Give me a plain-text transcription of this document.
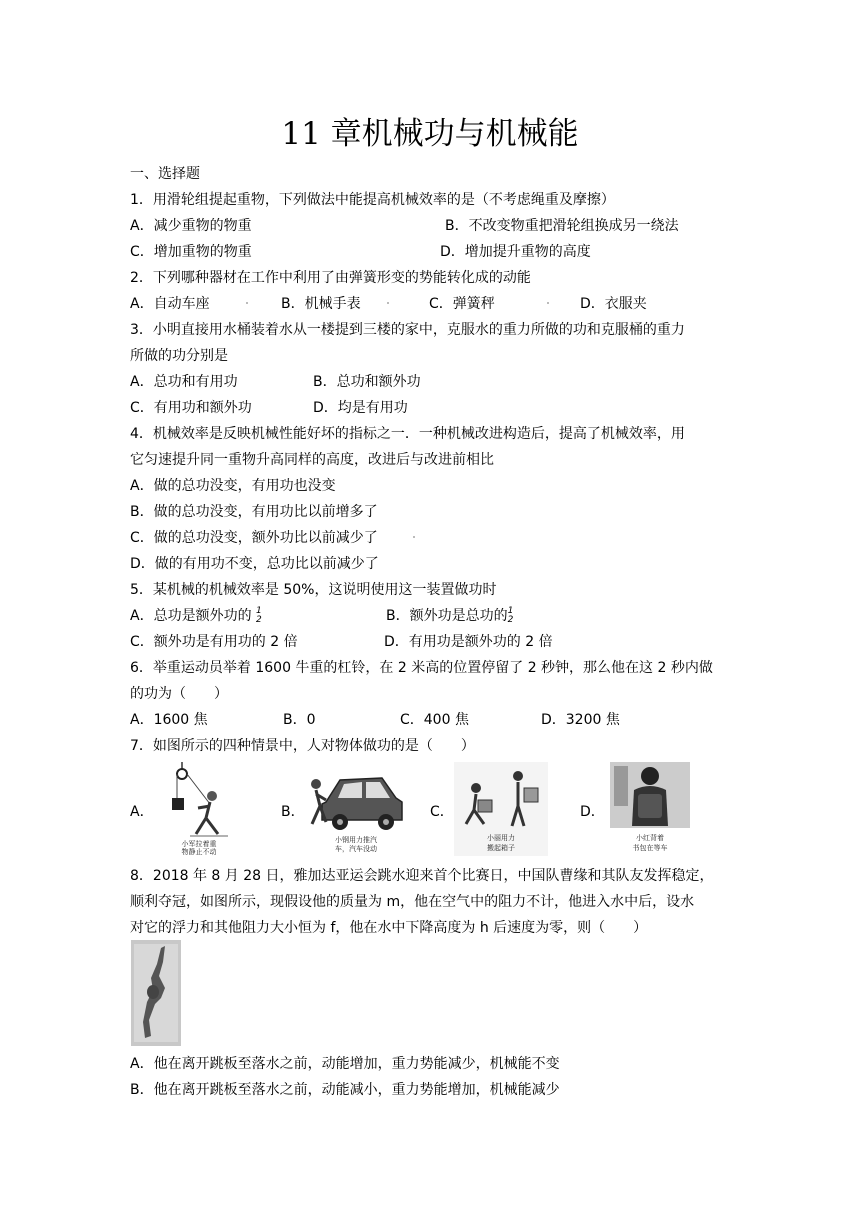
11 章机械功与机械能
一、选择题
1．用滑轮组提起重物，下列做法中能提高机械效率的是（不考虑绳重及摩擦）
A．减少重物的物重	B．不改变物重把滑轮组换成另一绕法
C．增加重物的物重	D．增加提升重物的高度
2．下列哪种器材在工作中利用了由弹簧形变的势能转化成的动能
A．自动车座	B．机械手表	C．弹簧秤	D．衣服夹
3．小明直接用水桶装着水从一楼提到三楼的家中，克服水的重力所做的功和克服桶的重力
所做的功分别是
A．总功和有用功	B．总功和额外功
C．有用功和额外功	D．均是有用功
4．机械效率是反映机械性能好坏的指标之一．一种机械改进构造后，提高了机械效率，用
它匀速提升同一重物升高同样的高度，改进后与改进前相比
A．做的总功没变，有用功也没变
B．做的总功没变，有用功比以前增多了
C．做的总功没变，额外功比以前减少了
D．做的有用功不变，总功比以前减少了
5．某机械的机械效率是 50%，这说明使用这一装置做功时
A．总功是额外功的 1
2	B．额外功是总功的 1
2
C．额外功是有用功的 2 倍	D．有用功是额外功的 2 倍
6．举重运动员举着 1600 牛重的杠铃，在 2 米高的位置停留了 2 秒钟，那么他在这 2 秒内做
的功为（　　）
A．1600 焦	B．0	C．400 焦	D．3200 焦
7．如图所示的四种情景中，人对物体做功的是（　　）
A．
小军拉着重
物静止不动
B．
小钢用力推汽
车，汽车没动
C．
小丽用力
搬起箱子
D．
小红背着
书包在等车
8．2018 年 8 月 28 日，雅加达亚运会跳水迎来首个比赛日，中国队曹缘和其队友发挥稳定，
顺利夺冠，如图所示，现假设他的质量为 m，他在空气中的阻力不计，他进入水中后，设水
对它的浮力和其他阻力大小恒为 f，他在水中下降高度为 h 后速度为零，则（　　）
A．他在离开跳板至落水之前，动能增加，重力势能减少，机械能不变
B．他在离开跳板至落水之前，动能减小，重力势能增加，机械能减少
